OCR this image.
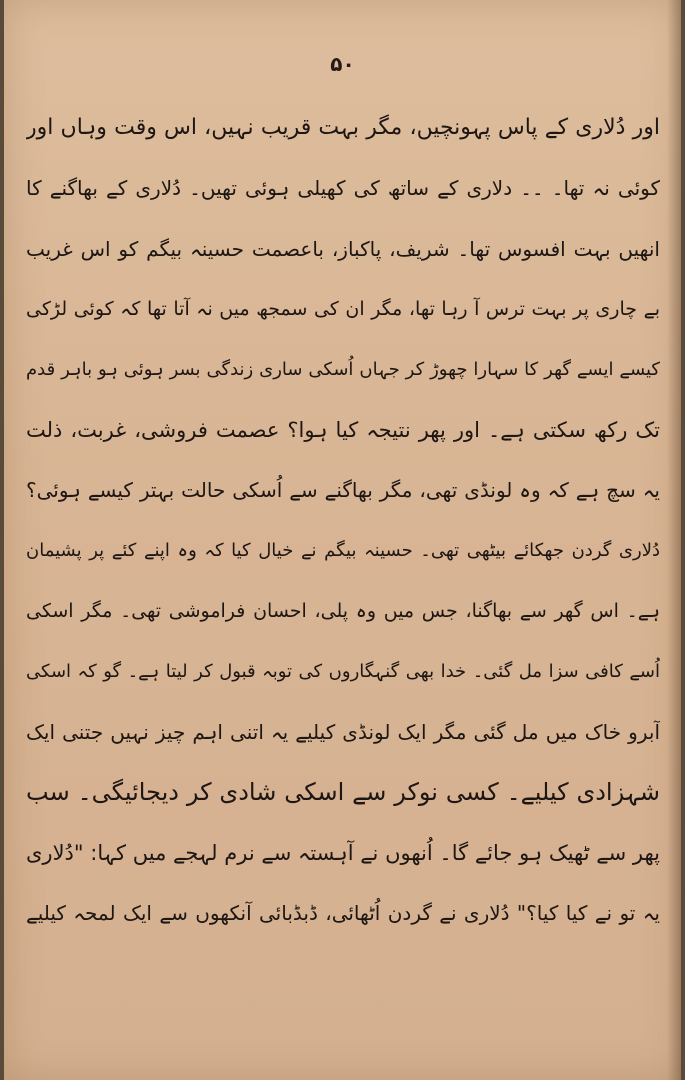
۵۰
اور دُلاری کے پاس پہونچیں، مگر بہت قریب نہیں، اس وقت وہاں اور
کوئی نہ تھا۔ ۔۔ دلاری کے ساتھ کی کھیلی ہوئی تھیں۔ دُلاری کے بھاگنے کا
انھیں بہت افسوس تھا۔ شریف، پاکباز، باعصمت حسینہ بیگم کو اس غریب
بے چاری پر بہت ترس آ رہا تھا، مگر ان کی سمجھ میں نہ آتا تھا کہ کوئی لڑکی
کیسے ایسے گھر کا سہارا چھوڑ کر جہاں اُسکی ساری زندگی بسر ہوئی ہو باہر قدم
تک رکھ سکتی ہے۔ اور پھر نتیجہ کیا ہوا؟ عصمت فروشی، غربت، ذلت
یہ سچ ہے کہ وہ لونڈی تھی، مگر بھاگنے سے اُسکی حالت بہتر کیسے ہوئی؟
دُلاری گردن جھکائے بیٹھی تھی۔ حسینہ بیگم نے خیال کیا کہ وہ اپنے کئے پر پشیمان
ہے۔ اس گھر سے بھاگنا، جس میں وہ پلی، احسان فراموشی تھی۔ مگر اسکی
اُسے کافی سزا مل گئی۔ خدا بھی گنہگاروں کی توبہ قبول کر لیتا ہے۔ گو کہ اسکی
آبرو خاک میں مل گئی مگر ایک لونڈی کیلیے یہ اتنی اہم چیز نہیں جتنی ایک
شہزادی کیلیے۔ کسی نوکر سے اسکی شادی کر دیجائیگی۔ سب
پھر سے ٹھیک ہو جائے گا۔ اُنھوں نے آہستہ سے نرم لہجے میں کہا: "دُلاری
یہ تو نے کیا کیا؟" دُلاری نے گردن اُٹھائی، ڈبڈبائی آنکھوں سے ایک لمحہ کیلیے
